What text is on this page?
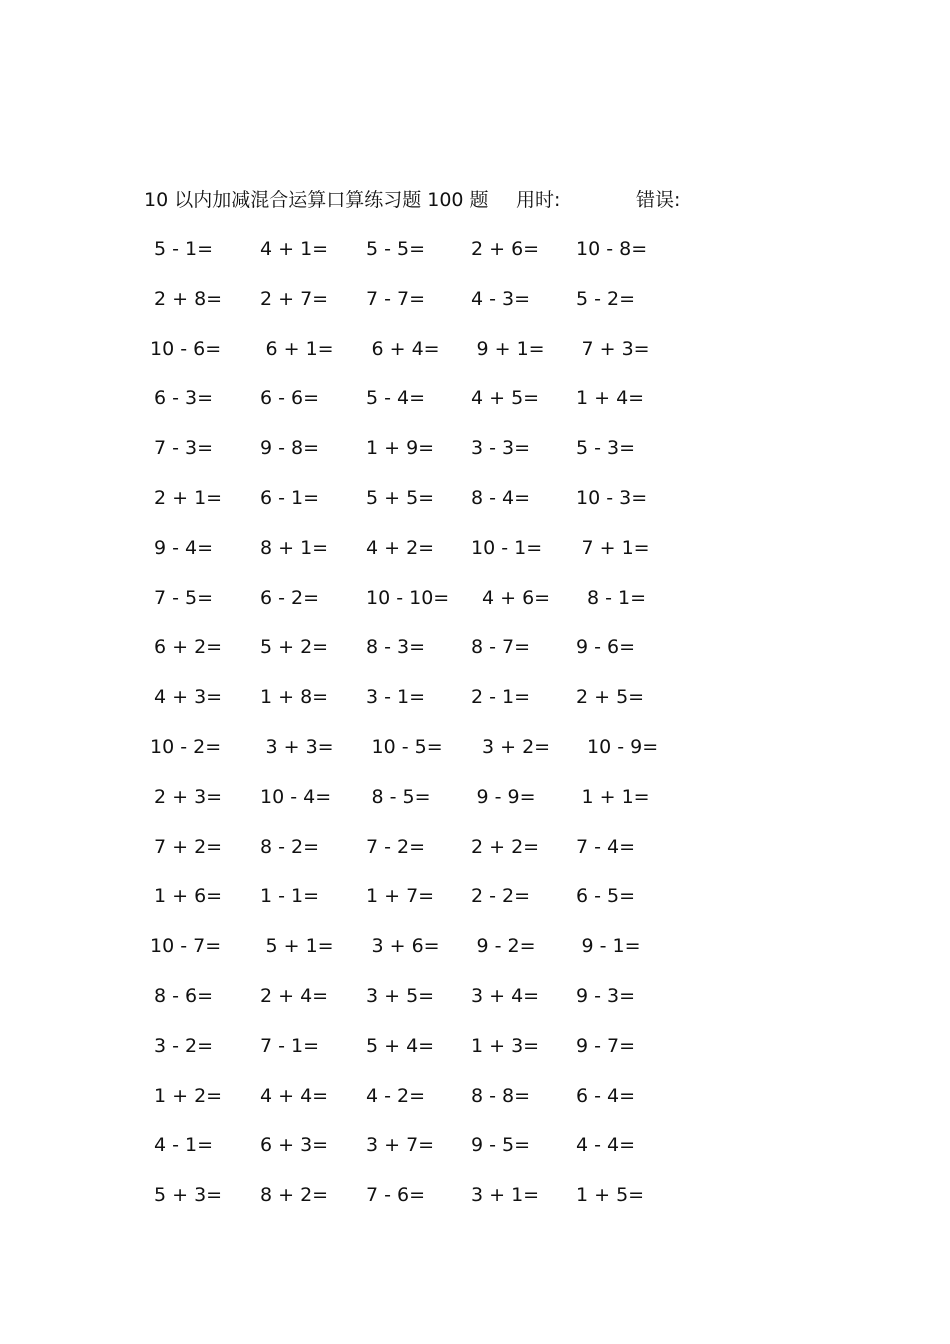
10 以内加减混合运算口算练习题 100 题 用时:	错误:
5 - 1= 4 + 1= 5 - 5= 2 + 6= 10 - 8=
2 + 8= 2 + 7= 7 - 7= 4 - 3= 5 - 2=
10 - 6= 6 + 1= 6 + 4= 9 + 1= 7 + 3=
6 - 3= 6 - 6= 5 - 4= 4 + 5= 1 + 4=
7 - 3= 9 - 8= 1 + 9= 3 - 3= 5 - 3=
2 + 1= 6 - 1= 5 + 5= 8 - 4= 10 - 3=
9 - 4= 8 + 1= 4 + 2= 10 - 1= 7 + 1=
7 - 5= 6 - 2= 10 - 10= 4 + 6= 8 - 1=
6 + 2= 5 + 2= 8 - 3= 8 - 7= 9 - 6=
4 + 3= 1 + 8= 3 - 1= 2 - 1= 2 + 5=
10 - 2= 3 + 3= 10 - 5= 3 + 2= 10 - 9=
2 + 3= 10 - 4= 8 - 5= 9 - 9= 1 + 1=
7 + 2= 8 - 2= 7 - 2= 2 + 2= 7 - 4=
1 + 6= 1 - 1= 1 + 7= 2 - 2= 6 - 5=
10 - 7= 5 + 1= 3 + 6= 9 - 2= 9 - 1=
8 - 6= 2 + 4= 3 + 5= 3 + 4= 9 - 3=
3 - 2= 7 - 1= 5 + 4= 1 + 3= 9 - 7=
1 + 2= 4 + 4= 4 - 2= 8 - 8= 6 - 4=
4 - 1= 6 + 3= 3 + 7= 9 - 5= 4 - 4=
5 + 3= 8 + 2= 7 - 6= 3 + 1= 1 + 5=
